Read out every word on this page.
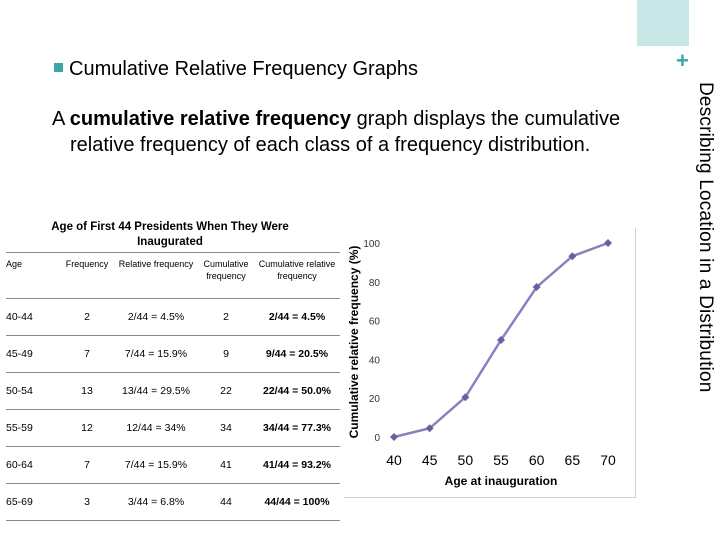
+
Describing Location in a Distribution
Cumulative Relative Frequency Graphs
A cumulative relative frequency graph displays the cumulative relative frequency of each class of a frequency distribution.
Age of First 44 Presidents When They Were Inaugurated
Age	Frequency	Relative frequency	Cumulative frequency	Cumulative relative frequency
40-44	2	2/44 = 4.5%	2	2/44 = 4.5%
45-49	7	7/44 = 15.9%	9	9/44 = 20.5%
50-54	13	13/44 = 29.5%	22	22/44 = 50.0%
55-59	12	12/44 = 34%	34	34/44 = 77.3%
60-64	7	7/44 = 15.9%	41	41/44 = 93.2%
65-69	3	3/44 = 6.8%	44	44/44 = 100%
0
20
40
60
80
100
40 45 50 55 60 65 70
Age at inauguration
Cumulative relative frequency (%)
